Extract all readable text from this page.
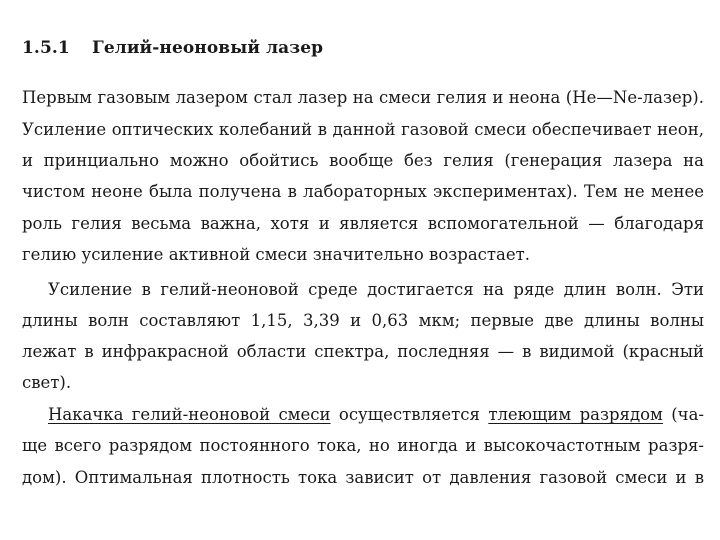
1.5.1 Гелий-неоновый лазер
Первым газовым лазером стал лазер на смеси гелия и неона (He—Ne-лазер).
Усиление оптических колебаний в данной газовой смеси обеспечивает неон,
и принциально можно обойтись вообще без гелия (генерация лазера на
чистом неоне была получена в лабораторных экспериментах). Тем не менее
роль гелия весьма важна, хотя и является вспомогательной — благодаря
гелию усиление активной смеси значительно возрастает.
Усиление в гелий-неоновой среде достигается на ряде длин волн. Эти
длины волн составляют 1,15, 3,39 и 0,63 мкм; первые две длины волны
лежат в инфракрасной области спектра, последняя — в видимой (красный
свет).
Накачка гелий-неоновой смеси осуществляется тлеющим разрядом (ча-
ще всего разрядом постоянного тока, но иногда и высокочастотным разря-
дом). Оптимальная плотность тока зависит от давления газовой смеси и в
